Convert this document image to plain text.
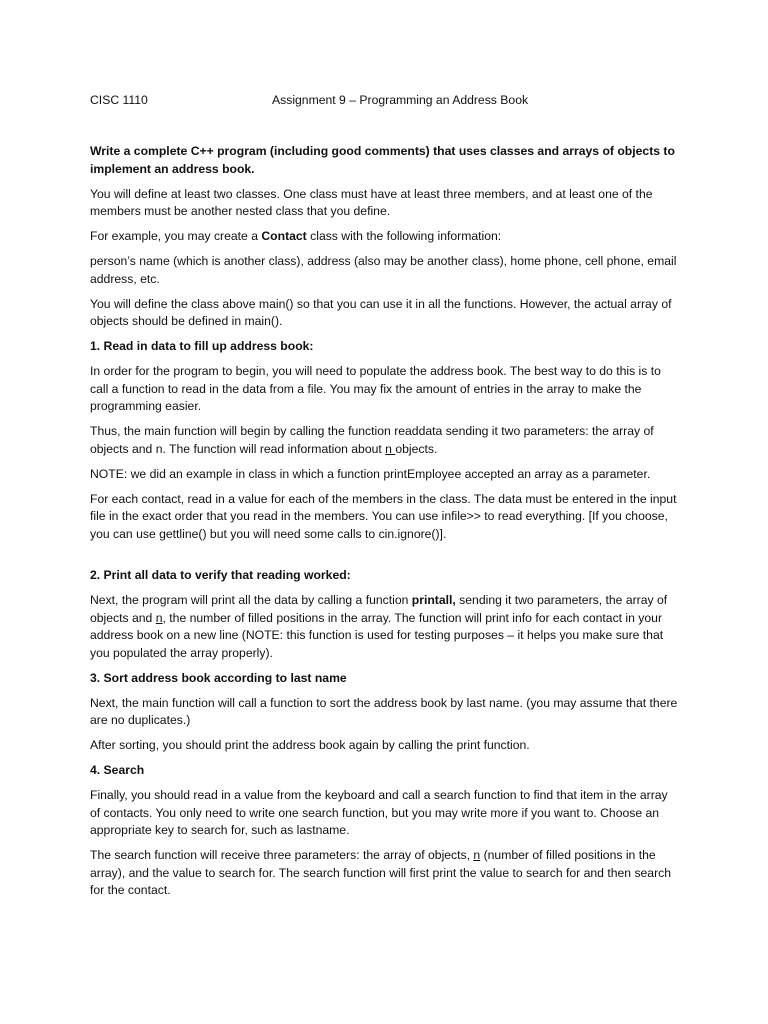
CISC 1110	Assignment 9 – Programming an Address Book

Write a complete C++ program (including good comments) that uses classes and arrays of objects to implement an address book.

You will define at least two classes. One class must have at least three members, and at least one of the members must be another nested class that you define.

For example, you may create a Contact class with the following information:

person’s name (which is another class), address (also may be another class), home phone, cell phone, email address, etc.

You will define the class above main() so that you can use it in all the functions. However, the actual array of objects should be defined in main().

1. Read in data to fill up address book:

In order for the program to begin, you will need to populate the address book. The best way to do this is to call a function to read in the data from a file. You may fix the amount of entries in the array to make the programming easier.

Thus, the main function will begin by calling the function readdata sending it two parameters: the array of objects and n. The function will read information about n objects.

NOTE: we did an example in class in which a function printEmployee accepted an array as a parameter.

For each contact, read in a value for each of the members in the class. The data must be entered in the input file in the exact order that you read in the members. You can use infile>> to read everything. [If you choose, you can use gettline() but you will need some calls to cin.ignore()].

2. Print all data to verify that reading worked:

Next, the program will print all the data by calling a function printall, sending it two parameters, the array of objects and n, the number of filled positions in the array. The function will print info for each contact in your address book on a new line (NOTE: this function is used for testing purposes – it helps you make sure that you populated the array properly).

3. Sort address book according to last name

Next, the main function will call a function to sort the address book by last name. (you may assume that there are no duplicates.)

After sorting, you should print the address book again by calling the print function.

4. Search

Finally, you should read in a value from the keyboard and call a search function to find that item in the array of contacts. You only need to write one search function, but you may write more if you want to. Choose an appropriate key to search for, such as lastname.

The search function will receive three parameters: the array of objects, n (number of filled positions in the array), and the value to search for. The search function will first print the value to search for and then search for the contact.
